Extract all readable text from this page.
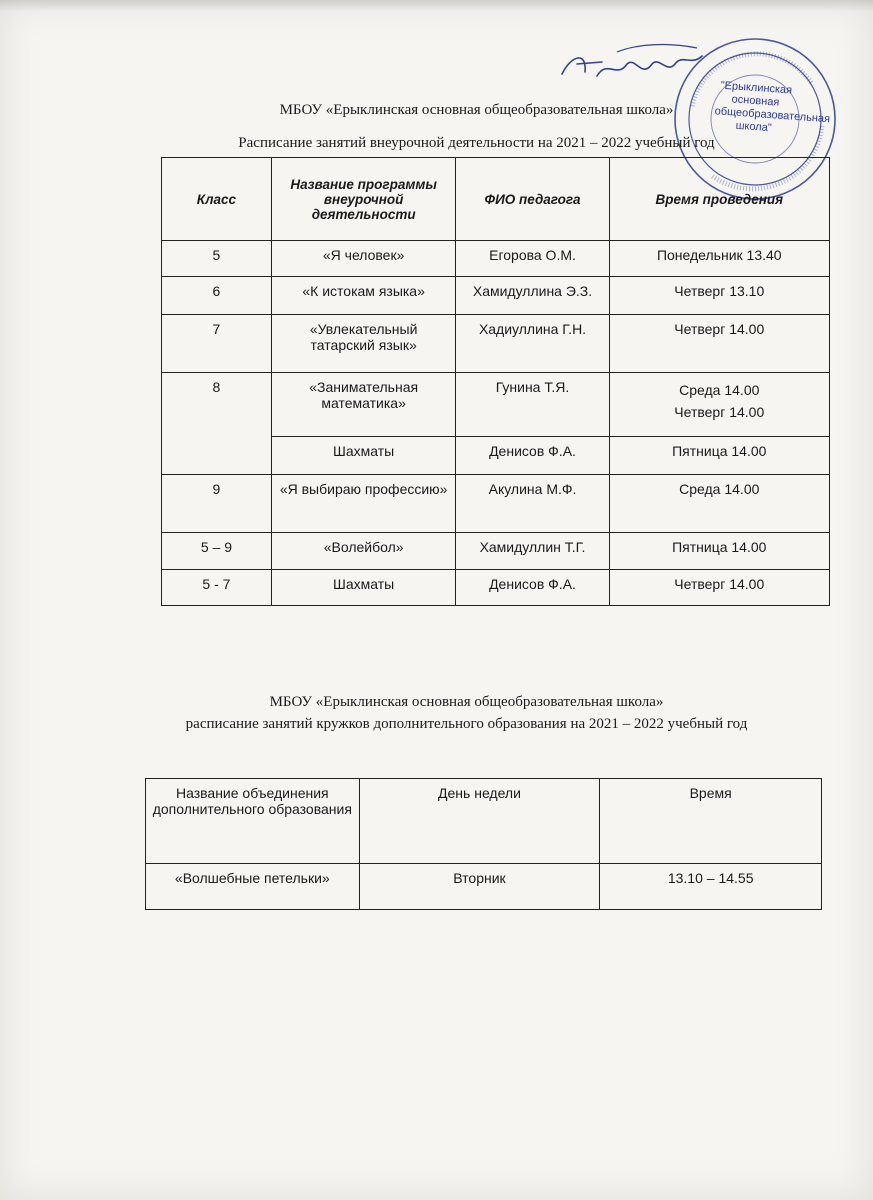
"Ерыклинская основная общеобразовательная школа"
МБОУ «Ерыклинская основная общеобразовательная школа»
Расписание занятий внеурочной деятельности на 2021 – 2022 учебный год
Класс	Название программы внеурочной деятельности	ФИО педагога	Время проведения
5	«Я человек»	Егорова О.М.	Понедельник 13.40
6	«К истокам языка»	Хамидуллина Э.З.	Четверг 13.10
7	«Увлекательный татарский язык»	Хадиуллина Г.Н.	Четверг 14.00
8	«Занимательная математика»	Гунина Т.Я.	Среда 14.00
Четверг 14.00

	Шахматы	Денисов Ф.А.	Пятница 14.00
9	«Я выбираю профессию»	Акулина М.Ф.	Среда 14.00
5 – 9	«Волейбол»	Хамидуллин Т.Г.	Пятница 14.00
5 - 7	Шахматы	Денисов Ф.А.	Четверг 14.00
МБОУ «Ерыклинская основная общеобразовательная школа»
расписание занятий кружков дополнительного образования на 2021 – 2022 учебный год
Название объединения дополнительного образования	День недели	Время
«Волшебные петельки»	Вторник	13.10 – 14.55
